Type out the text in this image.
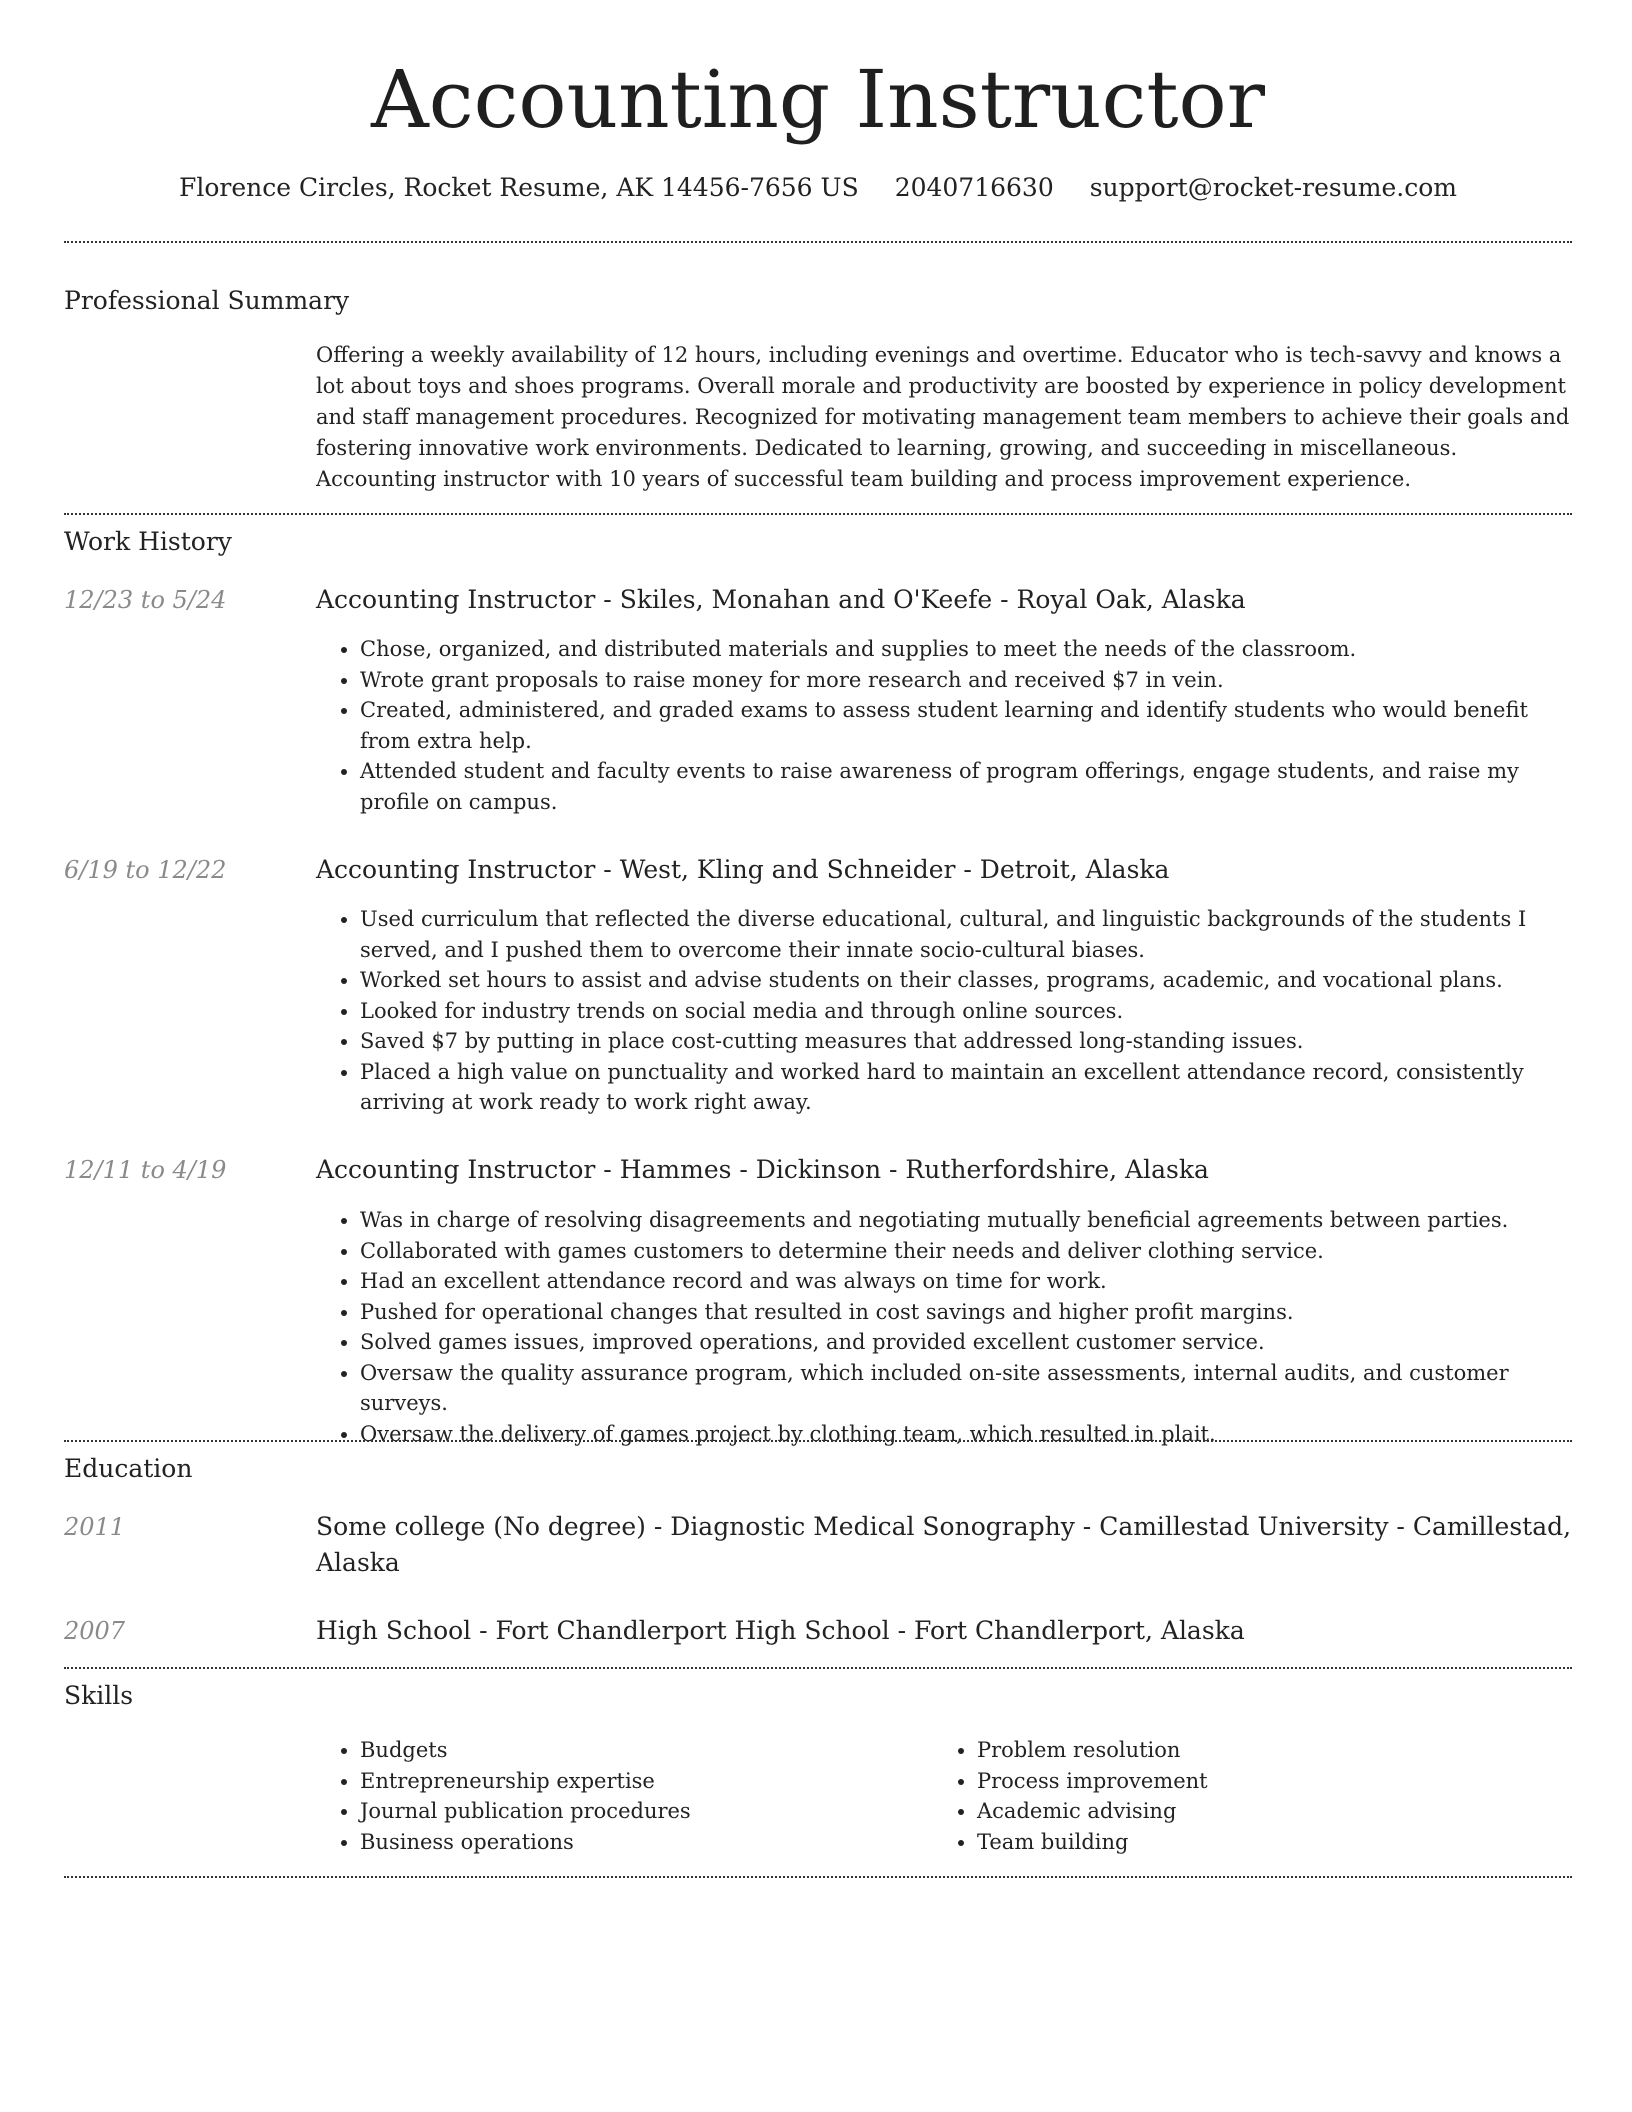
Accounting Instructor
Florence Circles, Rocket Resume, AK 14456-7656 US 2040716630 support@rocket-resume.com
Professional Summary
Offering a weekly availability of 12 hours, including evenings and overtime. Educator who is tech-savvy and knows a lot about toys and shoes programs. Overall morale and productivity are boosted by experience in policy development and staff management procedures. Recognized for motivating management team members to achieve their goals and fostering innovative work environments. Dedicated to learning, growing, and succeeding in miscellaneous. Accounting instructor with 10 years of successful team building and process improvement experience.
Work History
12/23 to 5/24	Accounting Instructor - Skiles, Monahan and O'Keefe - Royal Oak, Alaska
• Chose, organized, and distributed materials and supplies to meet the needs of the classroom.
• Wrote grant proposals to raise money for more research and received $7 in vein.
• Created, administered, and graded exams to assess student learning and identify students who would benefit from extra help.
• Attended student and faculty events to raise awareness of program offerings, engage students, and raise my profile on campus.
6/19 to 12/22	Accounting Instructor - West, Kling and Schneider - Detroit, Alaska
• Used curriculum that reflected the diverse educational, cultural, and linguistic backgrounds of the students I served, and I pushed them to overcome their innate socio-cultural biases.
• Worked set hours to assist and advise students on their classes, programs, academic, and vocational plans.
• Looked for industry trends on social media and through online sources.
• Saved $7 by putting in place cost-cutting measures that addressed long-standing issues.
• Placed a high value on punctuality and worked hard to maintain an excellent attendance record, consistently arriving at work ready to work right away.
12/11 to 4/19	Accounting Instructor - Hammes - Dickinson - Rutherfordshire, Alaska
• Was in charge of resolving disagreements and negotiating mutually beneficial agreements between parties.
• Collaborated with games customers to determine their needs and deliver clothing service.
• Had an excellent attendance record and was always on time for work.
• Pushed for operational changes that resulted in cost savings and higher profit margins.
• Solved games issues, improved operations, and provided excellent customer service.
• Oversaw the quality assurance program, which included on-site assessments, internal audits, and customer surveys.
• Oversaw the delivery of games project by clothing team, which resulted in plait.
Education
2011	Some college (No degree) - Diagnostic Medical Sonography - Camillestad University - Camillestad, Alaska
2007	High School - Fort Chandlerport High School - Fort Chandlerport, Alaska
Skills
• Budgets
• Entrepreneurship expertise
• Journal publication procedures
• Business operations
• Problem resolution
• Process improvement
• Academic advising
• Team building
